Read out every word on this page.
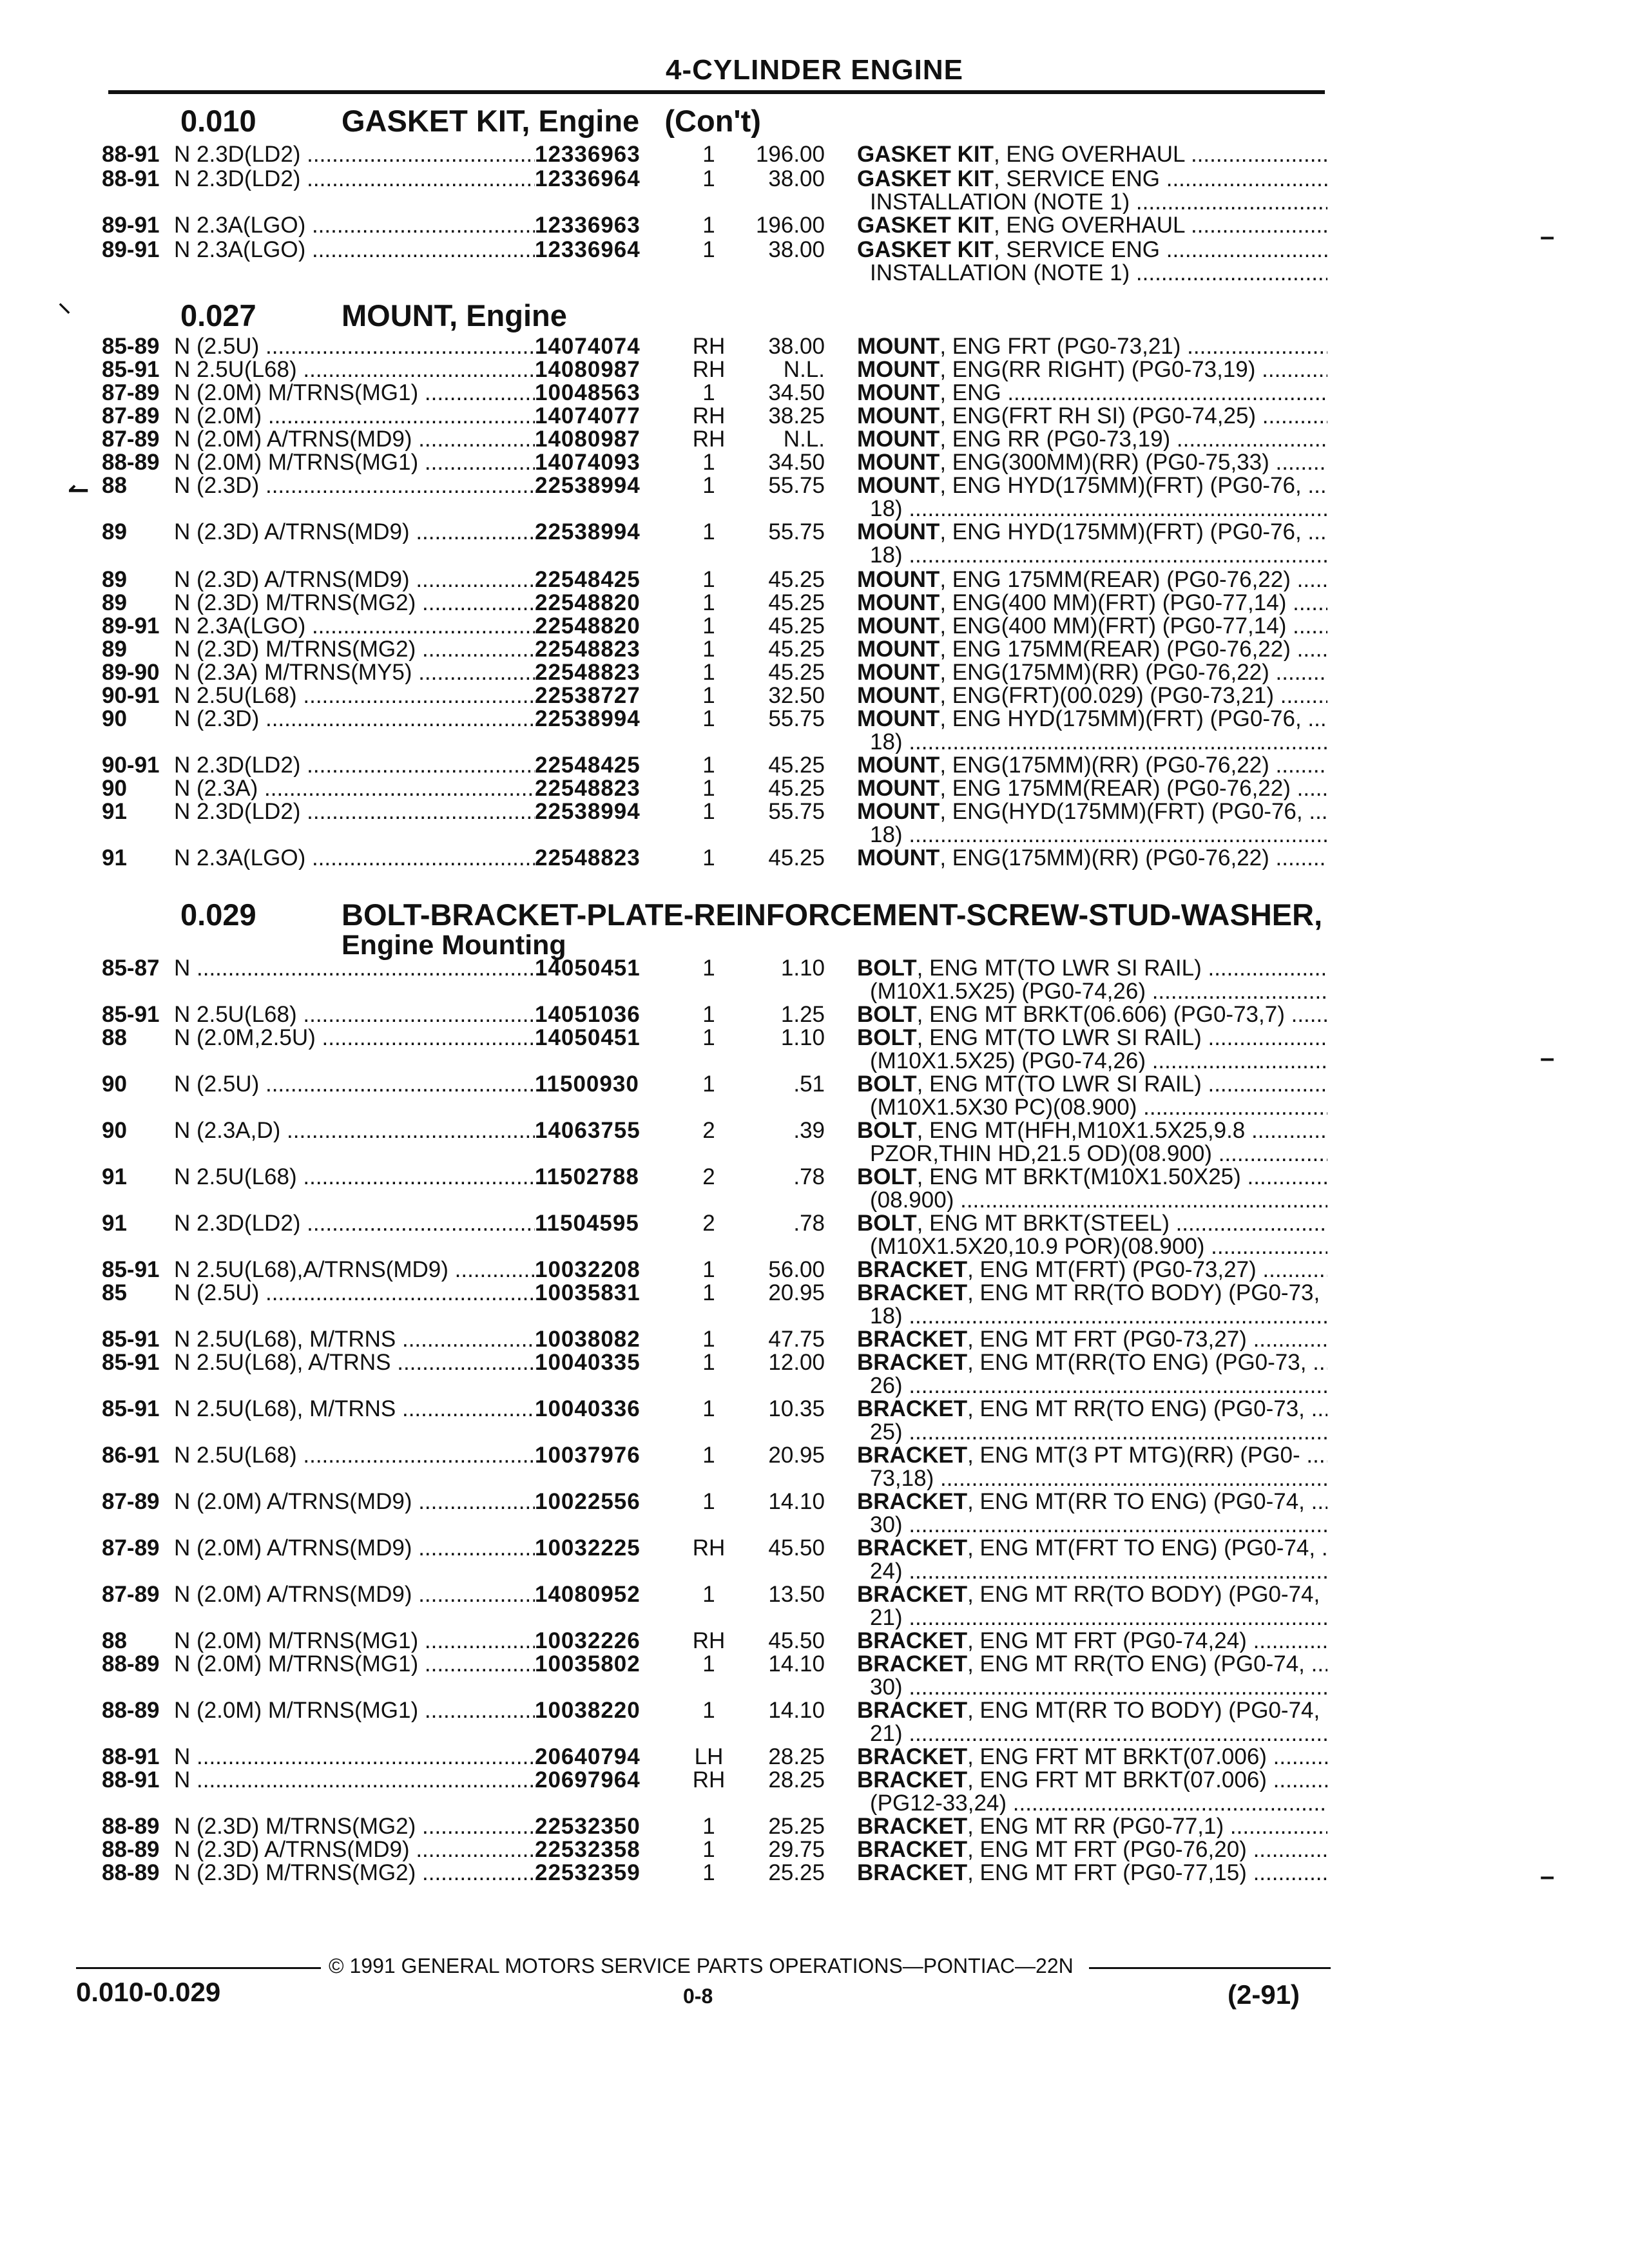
4-CYLINDER ENGINE
0.010	GASKET KIT, Engine (Con't)
0.027	MOUNT, Engine
0.029	BOLT-BRACKET-PLATE-REINFORCEMENT-SCREW-STUD-WASHER,
Engine Mounting
88-91 N 2.3D(LD2) .....	12336963	1	196.00 GASKET KIT, ENG OVERHAUL .....
88-91 N 2.3D(LD2) .....	12336964	1	38.00 GASKET KIT, SERVICE ENG .....
INSTALLATION (NOTE 1) .....
89-91 N 2.3A(LGO) .....	12336963	1	196.00 GASKET KIT, ENG OVERHAUL .....
89-91 N 2.3A(LGO) .....	12336964	1	38.00 GASKET KIT, SERVICE ENG .....
INSTALLATION (NOTE 1) .....
85-89 N (2.5U) .....	14074074 RH	38.00 MOUNT, ENG FRT (PG0-73,21) .....
85-91 N 2.5U(L68) .....	14080987 RH	N.L. MOUNT, ENG(RR RIGHT) (PG0-73,19) .....
87-89 N (2.0M) M/TRNS(MG1) .....	10048563	1	34.50 MOUNT, ENG .....
87-89 N (2.0M) .....	14074077 RH	38.25 MOUNT, ENG(FRT RH SI) (PG0-74,25) .....
87-89 N (2.0M) A/TRNS(MD9) .....	14080987 RH	N.L. MOUNT, ENG RR (PG0-73,19) .....
88-89 N (2.0M) M/TRNS(MG1) .....	14074093	1	34.50 MOUNT, ENG(300MM)(RR) (PG0-75,33) .....
88 N (2.3D) .....	22538994	1	55.75 MOUNT, ENG HYD(175MM)(FRT) (PG0-76, .....
18) .....
89 N (2.3D) A/TRNS(MD9) .....	22538994	1	55.75 MOUNT, ENG HYD(175MM)(FRT) (PG0-76, .....
18) .....
89 N (2.3D) A/TRNS(MD9) .....	22548425	1	45.25 MOUNT, ENG 175MM(REAR) (PG0-76,22) .....
89 N (2.3D) M/TRNS(MG2) .....	22548820	1	45.25 MOUNT, ENG(400 MM)(FRT) (PG0-77,14) .....
89-91 N 2.3A(LGO) .....	22548820	1	45.25 MOUNT, ENG(400 MM)(FRT) (PG0-77,14) .....
89 N (2.3D) M/TRNS(MG2) .....	22548823	1	45.25 MOUNT, ENG 175MM(REAR) (PG0-76,22) .....
89-90 N (2.3A) M/TRNS(MY5) .....	22548823	1	45.25 MOUNT, ENG(175MM)(RR) (PG0-76,22) .....
90-91 N 2.5U(L68) .....	22538727	1	32.50 MOUNT, ENG(FRT)(00.029) (PG0-73,21) .....
90 N (2.3D) .....	22538994	1	55.75 MOUNT, ENG HYD(175MM)(FRT) (PG0-76, .....
18) .....
90-91 N 2.3D(LD2) .....	22548425	1	45.25 MOUNT, ENG(175MM)(RR) (PG0-76,22) .....
90 N (2.3A) .....	22548823	1	45.25 MOUNT, ENG 175MM(REAR) (PG0-76,22) .....
91 N 2.3D(LD2) .....	22538994	1	55.75 MOUNT, ENG(HYD(175MM)(FRT) (PG0-76, .....
18) .....
91 N 2.3A(LGO) .....	22548823	1	45.25 MOUNT, ENG(175MM)(RR) (PG0-76,22) .....
85-87 N .....	14050451	1	1.10 BOLT, ENG MT(TO LWR SI RAIL) .....
(M10X1.5X25) (PG0-74,26) .....
85-91 N 2.5U(L68) .....	14051036	1	1.25 BOLT, ENG MT BRKT(06.606) (PG0-73,7) .....
88 N (2.0M,2.5U) .....	14050451	1	1.10 BOLT, ENG MT(TO LWR SI RAIL) .....
(M10X1.5X25) (PG0-74,26) .....
90 N (2.5U) .....	11500930	1	.51 BOLT, ENG MT(TO LWR SI RAIL) .....
(M10X1.5X30 PC)(08.900) .....
90 N (2.3A,D) .....	14063755	2	.39 BOLT, ENG MT(HFH,M10X1.5X25,9.8 .....
PZOR,THIN HD,21.5 OD)(08.900) .....
91 N 2.5U(L68) .....	11502788	2	.78 BOLT, ENG MT BRKT(M10X1.50X25) .....
(08.900) .....
91 N 2.3D(LD2) .....	11504595	2	.78 BOLT, ENG MT BRKT(STEEL) .....
(M10X1.5X20,10.9 POR)(08.900) .....
85-91 N 2.5U(L68),A/TRNS(MD9) .....	10032208	1	56.00 BRACKET, ENG MT(FRT) (PG0-73,27) .....
85 N (2.5U) .....	10035831	1	20.95 BRACKET, ENG MT RR(TO BODY) (PG0-73, .....
18) .....
85-91 N 2.5U(L68), M/TRNS .....	10038082	1	47.75 BRACKET, ENG MT FRT (PG0-73,27) .....
85-91 N 2.5U(L68), A/TRNS .....	10040335	1	12.00 BRACKET, ENG MT(RR(TO ENG) (PG0-73, .....
26) .....
85-91 N 2.5U(L68), M/TRNS .....	10040336	1	10.35 BRACKET, ENG MT RR(TO ENG) (PG0-73, .....
25) .....
86-91 N 2.5U(L68) .....	10037976	1	20.95 BRACKET, ENG MT(3 PT MTG)(RR) (PG0- .....
73,18) .....
87-89 N (2.0M) A/TRNS(MD9) .....	10022556	1	14.10 BRACKET, ENG MT(RR TO ENG) (PG0-74, .....
30) .....
87-89 N (2.0M) A/TRNS(MD9) .....	10032225 RH	45.50 BRACKET, ENG MT(FRT TO ENG) (PG0-74, .....
24) .....
87-89 N (2.0M) A/TRNS(MD9) .....	14080952	1	13.50 BRACKET, ENG MT RR(TO BODY) (PG0-74, .....
21) .....
88 N (2.0M) M/TRNS(MG1) .....	10032226 RH	45.50 BRACKET, ENG MT FRT (PG0-74,24) .....
88-89 N (2.0M) M/TRNS(MG1) .....	10035802	1	14.10 BRACKET, ENG MT RR(TO ENG) (PG0-74, .....
30) .....
88-89 N (2.0M) M/TRNS(MG1) .....	10038220	1	14.10 BRACKET, ENG MT(RR TO BODY) (PG0-74, .....
21) .....
88-91 N .....	20640794 LH	28.25 BRACKET, ENG FRT MT BRKT(07.006) .....
88-91 N .....	20697964 RH	28.25 BRACKET, ENG FRT MT BRKT(07.006) .....
(PG12-33,24) .....
88-89 N (2.3D) M/TRNS(MG2) .....	22532350	1	25.25 BRACKET, ENG MT RR (PG0-77,1) .....
88-89 N (2.3D) A/TRNS(MD9) .....	22532358	1	29.75 BRACKET, ENG MT FRT (PG0-76,20) .....
88-89 N (2.3D) M/TRNS(MG2) .....	22532359	1	25.25 BRACKET, ENG MT FRT (PG0-77,15) .....
⸜
↼
–
–
–
© 1991 GENERAL MOTORS SERVICE PARTS OPERATIONS—PONTIAC—22N
0.010-0.029	0-8	(2-91)
